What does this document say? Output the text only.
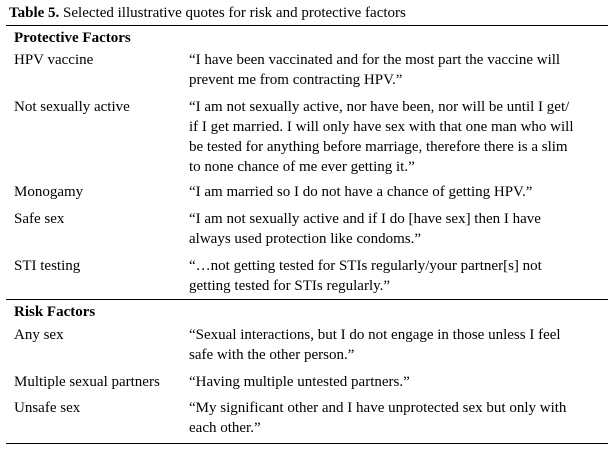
Table 5. Selected illustrative quotes for risk and protective factors
Protective Factors
HPV vaccine	“I have been vaccinated and for the most part the vaccine will
prevent me from contracting HPV.”
Not sexually active	“I am not sexually active, nor have been, nor will be until I get/
if I get married. I will only have sex with that one man who will
be tested for anything before marriage, therefore there is a slim
to none chance of me ever getting it.”
Monogamy	“I am married so I do not have a chance of getting HPV.”
Safe sex	“I am not sexually active and if I do [have sex] then I have
always used protection like condoms.”
STI testing	“…not getting tested for STIs regularly/your partner[s] not
getting tested for STIs regularly.”
Risk Factors
Any sex	“Sexual interactions, but I do not engage in those unless I feel
safe with the other person.”
Multiple sexual partners “Having multiple untested partners.”
Unsafe sex	“My significant other and I have unprotected sex but only with
each other.”
